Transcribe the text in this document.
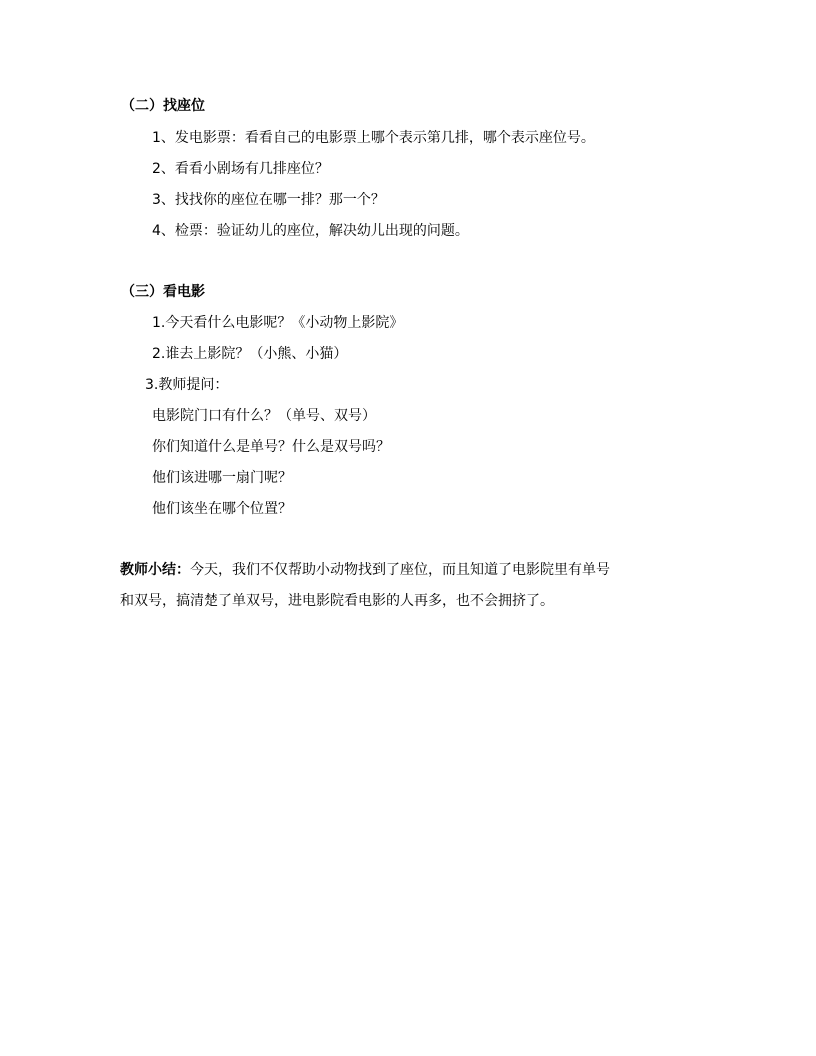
（二）找座位
1、发电影票：看看自己的电影票上哪个表示第几排，哪个表示座位号。
2、看看小剧场有几排座位？
3、找找你的座位在哪一排？那一个？
4、检票：验证幼儿的座位，解决幼儿出现的问题。
（三）看电影
1.今天看什么电影呢？《小动物上影院》
2.谁去上影院？（小熊、小猫）
3.教师提问：
电影院门口有什么？（单号、双号）
你们知道什么是单号？什么是双号吗？
他们该进哪一扇门呢？
他们该坐在哪个位置？
教师小结：今天，我们不仅帮助小动物找到了座位，而且知道了电影院里有单号
和双号，搞清楚了单双号，进电影院看电影的人再多，也不会拥挤了。
